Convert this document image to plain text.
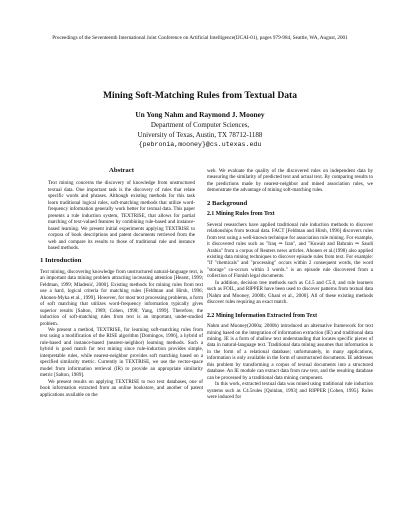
Proceedings of the Seventeenth International Joint Conference on Artificial Intelligence(IJCAI-01), pages 979-984, Seattle, WA, August, 2001
Mining Soft-Matching Rules from Textual Data
Un Yong Nahm and Raymond J. Mooney
Department of Computer Sciences,
University of Texas, Austin, TX 78712-1188
{pebronia,mooney}@cs.utexas.edu
Abstract

Text mining concerns the discovery of knowledge from unstructured textual data. One important task is the discovery of rules that relate specific words and phrases. Although existing methods for this task learn traditional logical rules, soft-matching methods that utilize word-frequency information generally work better for textual data. This paper presents a rule induction system, TEXTRISE, that allows for partial matching of text-valued features by combining rule-based and instance-based learning. We present initial experiments applying TEXTRISE to corpora of book descriptions and patent documents retrieved from the web and compare its results to those of traditional rule and instance based methods.

1 Introduction

Text mining, discovering knowledge from unstructured natural-language text, is an important data mining problem attracting increasing attention [Hearst, 1999; Feldman, 1999; Mladenić, 2000]. Existing methods for mining rules from text use a hard, logical criteria for matching rules [Feldman and Hirsh, 1996; Ahonen-Myka et al., 1999]. However, for most text processing problems, a form of soft matching that utilizes word-frequency information typically gives superior results [Salton, 1989; Cohen, 1998; Yang, 1999]. Therefore, the induction of soft-matching rules from text is an important, under-studied problem.

We present a method, TEXTRISE, for learning soft-matching rules from text using a modification of the RISE algorithm [Domingos, 1996], a hybrid of rule-based and instance-based (nearest-neighbor) learning methods. Such a hybrid is good match for text mining since rule-induction provides simple, interpretable rules, while nearest-neighbor provides soft matching based on a specified similarity metric. Currently in TEXTRISE, we use the vector-space model from information retrieval (IR) to provide an appropriate similarity metric [Salton, 1989].

We present results on applying TEXTRISE to two text databases, one of book information extracted from an online bookstore, and another of patent applications available on the

web. We evaluate the quality of the discovered rules on independent data by measuring the similarity of predicted text and actual text. By comparing results to the predictions made by nearest-neighbor and mined association rules, we demonstrate the advantage of mining soft-matching rules.

2 Background
2.1 Mining Rules from Text

Several researchers have applied traditional rule induction methods to discover relationships from textual data. FACT [Feldman and Hirsh, 1996] discovers rules from text using a well-known technique for association rule mining. For example, it discovered rules such as "Iraq ⇒ Iran", and "Kuwait and Bahrain ⇒ Saudi Arabia" from a corpus of Reuters news articles. Ahonen et al.(1998) also applied existing data mining techniques to discover episode rules from text. For example: "If "chemicals" and "processing" occurs within 2 consequent words, the word "storage" co-occurs within 3 words." is an episode rule discovered from a collection of Finnish legal documents.

In addition, decision tree methods such as C4.5 and C5.0, and rule learners such as FOIL, and RIPPER have been used to discover patterns from textual data [Nahm and Mooney, 2000b; Ghani et al., 2000]. All of these existing methods discover rules requiring an exact match.

2.2 Mining Information Extracted from Text

Nahm and Mooney(2000a; 2000b) introduced an alternative framework for text mining based on the integration of information extraction (IE) and traditional data mining. IE is a form of shallow text understanding that locates specific pieces of data in natural-language text. Traditional data mining assumes that information is in the form of a relational database; unfortunately, in many applications, information is only available in the form of unstructured documents. IE addresses this problem by transforming a corpus of textual documents into a structured database. An IE module can extract data from raw text, and the resulting database can be processed by a traditional data mining component.

In this work, extracted textual data was mined using traditional rule induction systems such as C4.5rules [Quinlan, 1993] and RIPPER [Cohen, 1995]. Rules were induced for
